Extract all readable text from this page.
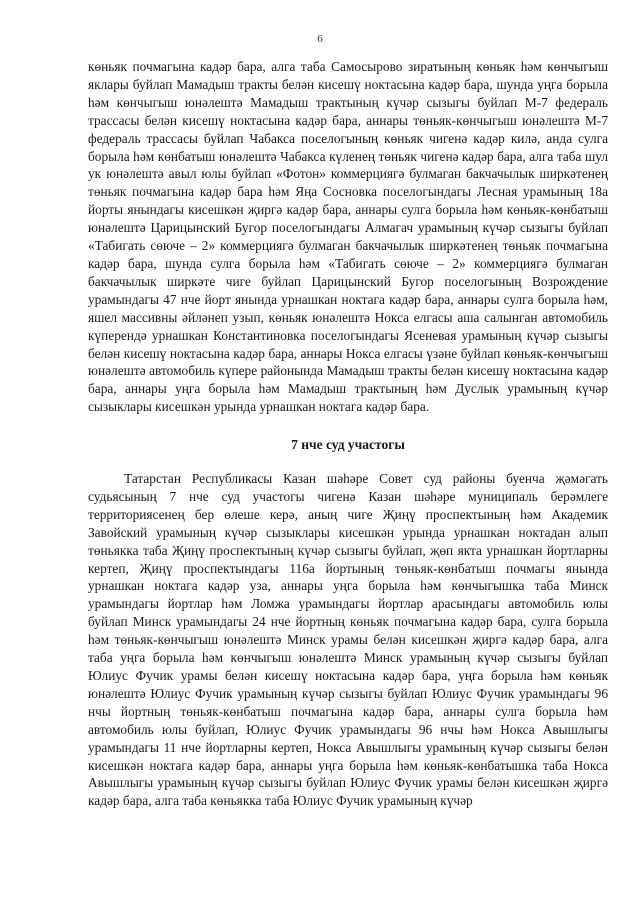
6

көньяк почмагына кадәр бара, алга таба Самосырово зиратының көньяк һәм көнчыгыш яклары буйлап Мамадыш тракты белән кисешү ноктасына кадәр бара, шунда уңга борыла һәм көнчыгыш юнәлештә Мамадыш трактының күчәр сызыгы буйлап М-7 федераль трассасы белән кисешү ноктасына кадәр бара, аннары төньяк-көнчыгыш юнәлештә М-7 федераль трассасы буйлап Чабакса поселогының көньяк чигенә кадәр килә, анда сулга борыла һәм көнбатыш юнәлештә Чабакса күленең төньяк чигенә кадәр бара, алга таба шул ук юнәлештә авыл юлы буйлап «Фотон» коммерциягә булмаган бакчачылык ширкәтенең төньяк почмагына кадәр бара һәм Яңа Сосновка поселогындагы Лесная урамының 18а йорты янындагы кисешкән җиргә кадәр бара, аннары сулга борыла һәм көньяк-көнбатыш юнәлештә Царицынский Бугор поселогындагы Алмагач урамының күчәр сызыгы буйлап «Табигать сөюче – 2» коммерциягә булмаган бакчачылык ширкәтенең төньяк почмагына кадәр бара, шунда сулга борыла һәм «Табигать сөюче – 2» коммерциягә булмаган бакчачылык ширкәте чиге буйлап Царицынский Бугор поселогының Возрождение урамындагы 47 нче йорт янында урнашкан ноктага кадәр бара, аннары сулга борыла һәм, яшел массивны әйләнеп узып, көньяк юнәлештә Нокса елгасы аша салынган автомобиль күперендә урнашкан Константиновка поселогындагы Ясеневая урамының күчәр сызыгы белән кисешү ноктасына кадәр бара, аннары Нокса елгасы үзәне буйлап көньяк-көнчыгыш юнәлештә автомобиль күпере районында Мамадыш тракты белән кисешү ноктасына кадәр бара, аннары уңга борыла һәм Мамадыш трактының һәм Дуслык урамының күчәр сызыклары кисешкән урында урнашкан ноктага кадәр бара.

7 нче суд участогы

Татарстан Республикасы Казан шәһәре Совет суд районы буенча җәмәгать судьясының 7 нче суд участогы чигенә Казан шәһәре муниципаль берәмлеге территориясенең бер өлеше керә, аның чиге Җиңү проспектының һәм Академик Завойский урамының күчәр сызыклары кисешкән урында урнашкан ноктадан алып төньякка таба Җиңү проспектының күчәр сызыгы буйлап, җөп якта урнашкан йортларны кертеп, Җиңү проспектындагы 116а йортының төньяк-көнбатыш почмагы янында урнашкан ноктага кадәр уза, аннары уңга борыла һәм көнчыгышка таба Минск урамындагы йортлар һәм Ломжа урамындагы йортлар арасындагы автомобиль юлы буйлап Минск урамындагы 24 нче йортның көньяк почмагына кадәр бара, сулга борыла һәм төньяк-көнчыгыш юнәлештә Минск урамы белән кисешкән җиргә кадәр бара, алга таба уңга борыла һәм көнчыгыш юнәлештә Минск урамының күчәр сызыгы буйлап Юлиус Фучик урамы белән кисешү ноктасына кадәр бара, уңга борыла һәм көньяк юнәлештә Юлиус Фучик урамының күчәр сызыгы буйлап Юлиус Фучик урамындагы 96 нчы йортның төньяк-көнбатыш почмагына кадәр бара, аннары сулга борыла һәм автомобиль юлы буйлап, Юлиус Фучик урамындагы 96 нчы һәм Нокса Авышлыгы урамындагы 11 нче йортларны кертеп, Нокса Авышлыгы урамының күчәр сызыгы белән кисешкән ноктага кадәр бара, аннары уңга борыла һәм көньяк-көнбатышка таба Нокса Авышлыгы урамының күчәр сызыгы буйлап Юлиус Фучик урамы белән кисешкән җиргә кадәр бара, алга таба көньякка таба Юлиус Фучик урамының күчәр
